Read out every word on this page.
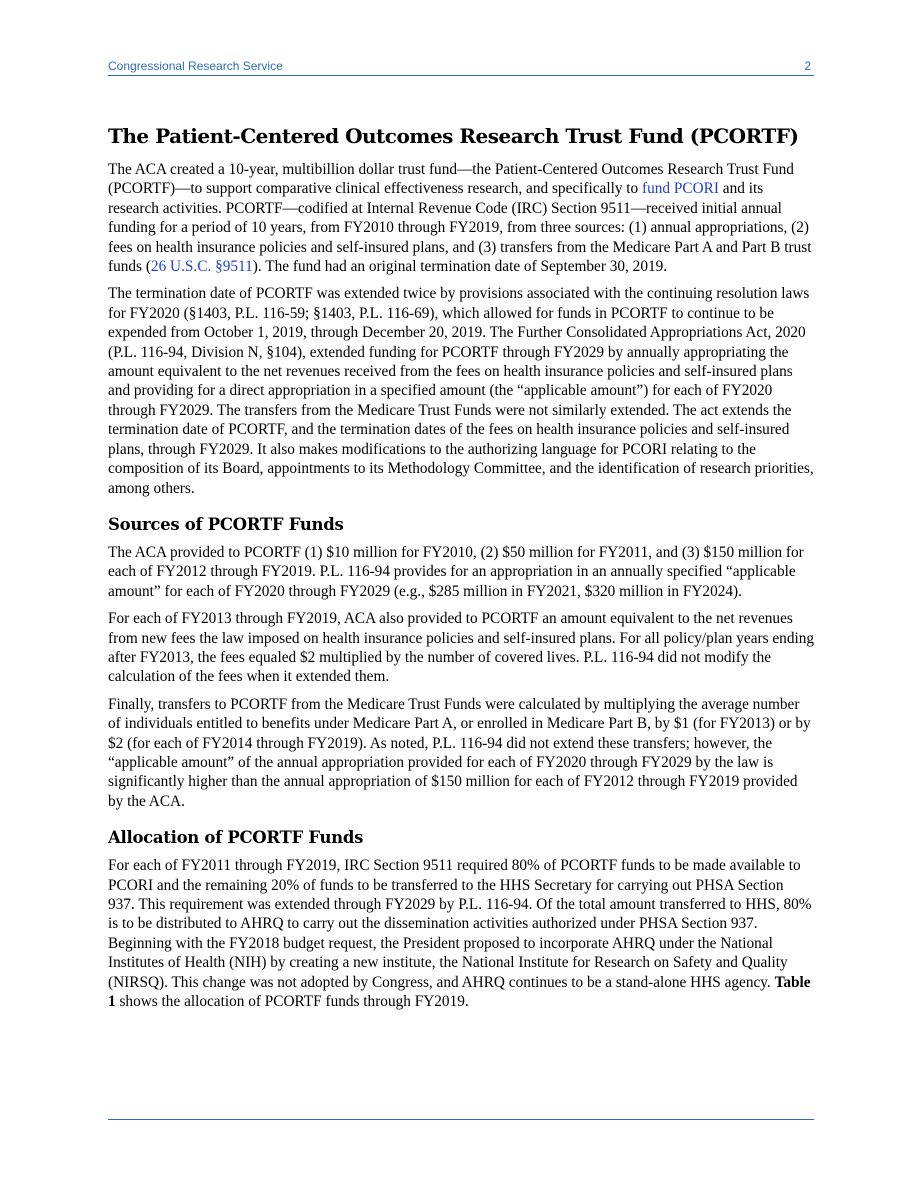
Congressional Research Service	2
The Patient-Centered Outcomes Research Trust Fund (PCORTF)

The ACA created a 10-year, multibillion dollar trust fund—the Patient-Centered Outcomes Research Trust Fund (PCORTF)—to support comparative clinical effectiveness research, and specifically to fund PCORI and its research activities. PCORTF—codified at Internal Revenue Code (IRC) Section 9511—received initial annual funding for a period of 10 years, from FY2010 through FY2019, from three sources: (1) annual appropriations, (2) fees on health insurance policies and self-insured plans, and (3) transfers from the Medicare Part A and Part B trust funds (26 U.S.C. §9511). The fund had an original termination date of September 30, 2019.

The termination date of PCORTF was extended twice by provisions associated with the continuing resolution laws for FY2020 (§1403, P.L. 116-59; §1403, P.L. 116-69), which allowed for funds in PCORTF to continue to be expended from October 1, 2019, through December 20, 2019. The Further Consolidated Appropriations Act, 2020 (P.L. 116-94, Division N, §104), extended funding for PCORTF through FY2029 by annually appropriating the amount equivalent to the net revenues received from the fees on health insurance policies and self-insured plans and providing for a direct appropriation in a specified amount (the “applicable amount”) for each of FY2020 through FY2029. The transfers from the Medicare Trust Funds were not similarly extended. The act extends the termination date of PCORTF, and the termination dates of the fees on health insurance policies and self-insured plans, through FY2029. It also makes modifications to the authorizing language for PCORI relating to the composition of its Board, appointments to its Methodology Committee, and the identification of research priorities, among others.

Sources of PCORTF Funds

The ACA provided to PCORTF (1) $10 million for FY2010, (2) $50 million for FY2011, and (3) $150 million for each of FY2012 through FY2019. P.L. 116-94 provides for an appropriation in an annually specified “applicable amount” for each of FY2020 through FY2029 (e.g., $285 million in FY2021, $320 million in FY2024).

For each of FY2013 through FY2019, ACA also provided to PCORTF an amount equivalent to the net revenues from new fees the law imposed on health insurance policies and self-insured plans. For all policy/plan years ending after FY2013, the fees equaled $2 multiplied by the number of covered lives. P.L. 116-94 did not modify the calculation of the fees when it extended them.

Finally, transfers to PCORTF from the Medicare Trust Funds were calculated by multiplying the average number of individuals entitled to benefits under Medicare Part A, or enrolled in Medicare Part B, by $1 (for FY2013) or by $2 (for each of FY2014 through FY2019). As noted, P.L. 116-94 did not extend these transfers; however, the “applicable amount” of the annual appropriation provided for each of FY2020 through FY2029 by the law is significantly higher than the annual appropriation of $150 million for each of FY2012 through FY2019 provided by the ACA.

Allocation of PCORTF Funds

For each of FY2011 through FY2019, IRC Section 9511 required 80% of PCORTF funds to be made available to PCORI and the remaining 20% of funds to be transferred to the HHS Secretary for carrying out PHSA Section 937. This requirement was extended through FY2029 by P.L. 116-94. Of the total amount transferred to HHS, 80% is to be distributed to AHRQ to carry out the dissemination activities authorized under PHSA Section 937. Beginning with the FY2018 budget request, the President proposed to incorporate AHRQ under the National Institutes of Health (NIH) by creating a new institute, the National Institute for Research on Safety and Quality (NIRSQ). This change was not adopted by Congress, and AHRQ continues to be a stand-alone HHS agency. Table 1 shows the allocation of PCORTF funds through FY2019.
